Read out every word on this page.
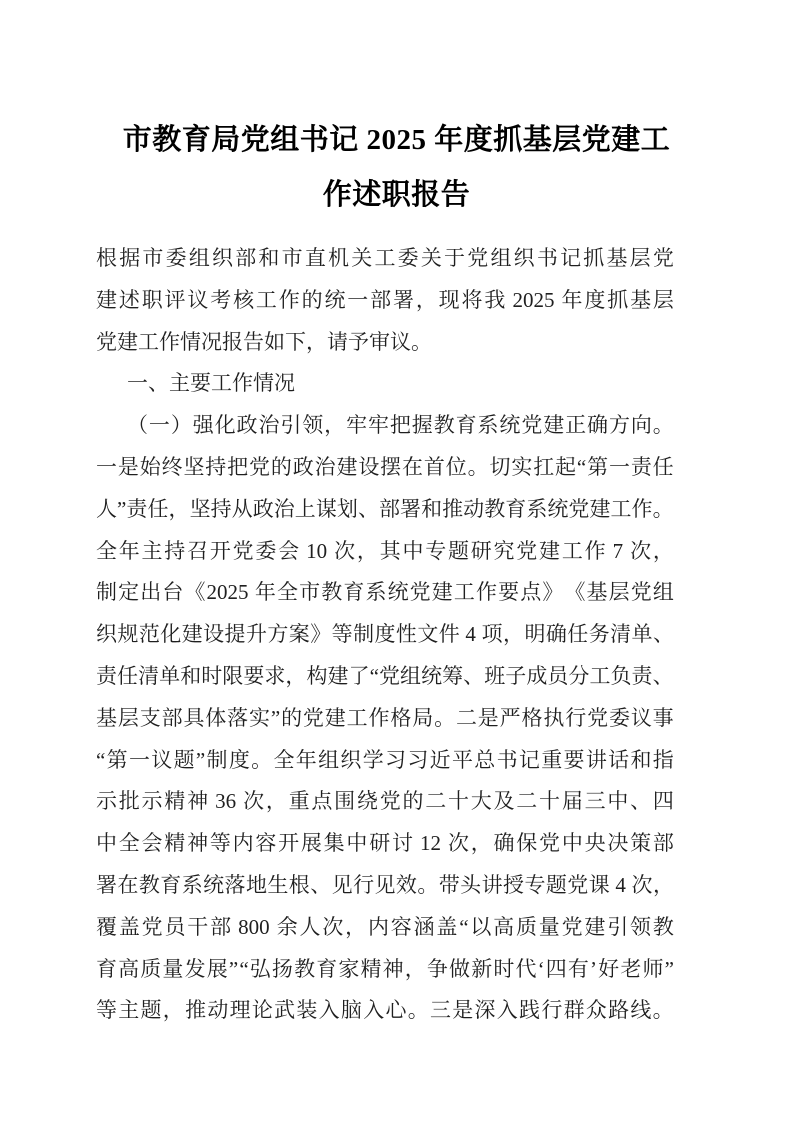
市教育局党组书记 2025 年度抓基层党建工
作述职报告
根 据 市 委 组 织 部 和 市 直 机 关 工 委 关 于 党 组 织 书 记 抓 基 层 党
建 述 职 评 议 考 核 工 作 的 统 一 部 署 ， 现 将 我 2025 年 度 抓 基 层
党建工作情况报告如下，请予审议。
一、主要工作情况
（ 一 ） 强 化 政 治 引 领 ， 牢 牢 把 握 教 育 系 统 党 建 正 确 方 向 。
一 是 始 终 坚 持 把 党 的 政 治 建 设 摆 在 首 位 。 切 实 扛 起 “ 第 一 责 任
人 ” 责 任 ， 坚 持 从 政 治 上 谋 划 、 部 署 和 推 动 教 育 系 统 党 建 工 作 。
全 年 主 持 召 开 党 委 会 10 次 ， 其 中 专 题 研 究 党 建 工 作 7 次 ，
制 定 出 台 《 2025 年 全 市 教 育 系 统 党 建 工 作 要 点 》 《 基 层 党 组
织 规 范 化 建 设 提 升 方 案 》 等 制 度 性 文 件 4 项 ， 明 确 任 务 清 单 、
责 任 清 单 和 时 限 要 求 ， 构 建 了 “ 党 组 统 筹 、 班 子 成 员 分 工 负 责 、
基 层 支 部 具 体 落 实 ” 的 党 建 工 作 格 局 。 二 是 严 格 执 行 党 委 议 事
“ 第 一 议 题 ” 制 度 。 全 年 组 织 学 习 习 近 平 总 书 记 重 要 讲 话 和 指
示 批 示 精 神 36 次 ， 重 点 围 绕 党 的 二 十 大 及 二 十 届 三 中 、 四
中 全 会 精 神 等 内 容 开 展 集 中 研 讨 12 次 ， 确 保 党 中 央 决 策 部
署 在 教 育 系 统 落 地 生 根 、 见 行 见 效 。 带 头 讲 授 专 题 党 课 4 次 ，
覆 盖 党 员 干 部 800 余 人 次 ， 内 容 涵 盖 “ 以 高 质 量 党 建 引 领 教
育 高 质 量 发 展 ” “ 弘 扬 教 育 家 精 神 ， 争 做 新 时 代 ‘ 四 有 ’ 好 老 师 ”
等 主 题 ， 推 动 理 论 武 装 入 脑 入 心 。 三 是 深 入 践 行 群 众 路 线 。
